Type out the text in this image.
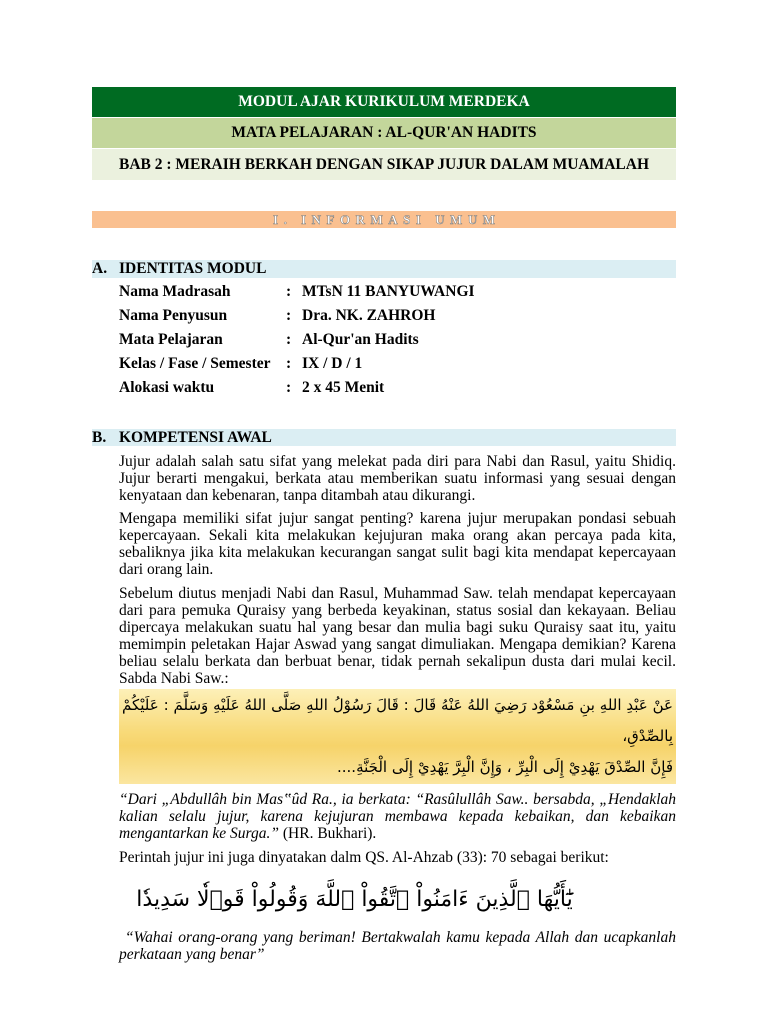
MODUL AJAR KURIKULUM MERDEKA
MATA PELAJARAN : AL-QUR'AN HADITS
BAB 2 : MERAIH BERKAH DENGAN SIKAP JUJUR DALAM MUAMALAH
I. INFORMASI UMUM
A. IDENTITAS MODUL
Nama Madrasah	: MTsN 11 BANYUWANGI
Nama Penyusun	: Dra. NK. ZAHROH
Mata Pelajaran	: Al-Qur'an Hadits
Kelas / Fase / Semester : IX / D / 1
Alokasi waktu	: 2 x 45 Menit
B. KOMPETENSI AWAL

Jujur adalah salah satu sifat yang melekat pada diri para Nabi dan Rasul, yaitu Shidiq. Jujur berarti mengakui, berkata atau memberikan suatu informasi yang sesuai dengan kenyataan dan kebenaran, tanpa ditambah atau dikurangi.

Mengapa memiliki sifat jujur sangat penting? karena jujur merupakan pondasi sebuah kepercayaan. Sekali kita melakukan kejujuran maka orang akan percaya pada kita, sebaliknya jika kita melakukan kecurangan sangat sulit bagi kita mendapat kepercayaan dari orang lain.

Sebelum diutus menjadi Nabi dan Rasul, Muhammad Saw. telah mendapat kepercayaan dari para pemuka Quraisy yang berbeda keyakinan, status sosial dan kekayaan. Beliau dipercaya melakukan suatu hal yang besar dan mulia bagi suku Quraisy saat itu, yaitu memimpin peletakan Hajar Aswad yang sangat dimuliakan. Mengapa demikian? Karena beliau selalu berkata dan berbuat benar, tidak pernah sekalipun dusta dari mulai kecil. Sabda Nabi Saw.:

عَنْ عَبْدِ اللهِ بنِ مَسْعُوْد رَضِيَ اللهُ عَنْهُ قَالَ : قَالَ رَسُوْلُ اللهِ صَلَّى اللهُ عَلَيْهِ وَسَلَّمَ : عَلَيْكُمْ بِالصِّدْقِ،
فَإِنَّ الصِّدْقَ يَهْدِيْ إِلَى الْبِرِّ ، وَإِنَّ الْبِرَّ يَهْدِيْ إِلَى الْجَنَّةِ....

“Dari „Abdullâh bin Mas‟ûd Ra., ia berkata: “Rasûlullâh Saw.. bersabda, „Hendaklah kalian selalu jujur, karena kejujuran membawa kepada kebaikan, dan kebaikan mengantarkan ke Surga.” (HR. Bukhari).

Perintah jujur ini juga dinyatakan dalm QS. Al-Ahzab (33): 70 sebagai berikut:

يَٰٓأَيُّهَا ٱلَّذِينَ ءَامَنُواْ ٱتَّقُواْ ٱللَّهَ وَقُولُواْ قَوۡلٗا سَدِيدٗا

“Wahai orang-orang yang beriman! Bertakwalah kamu kepada Allah dan ucapkanlah perkataan yang benar”
